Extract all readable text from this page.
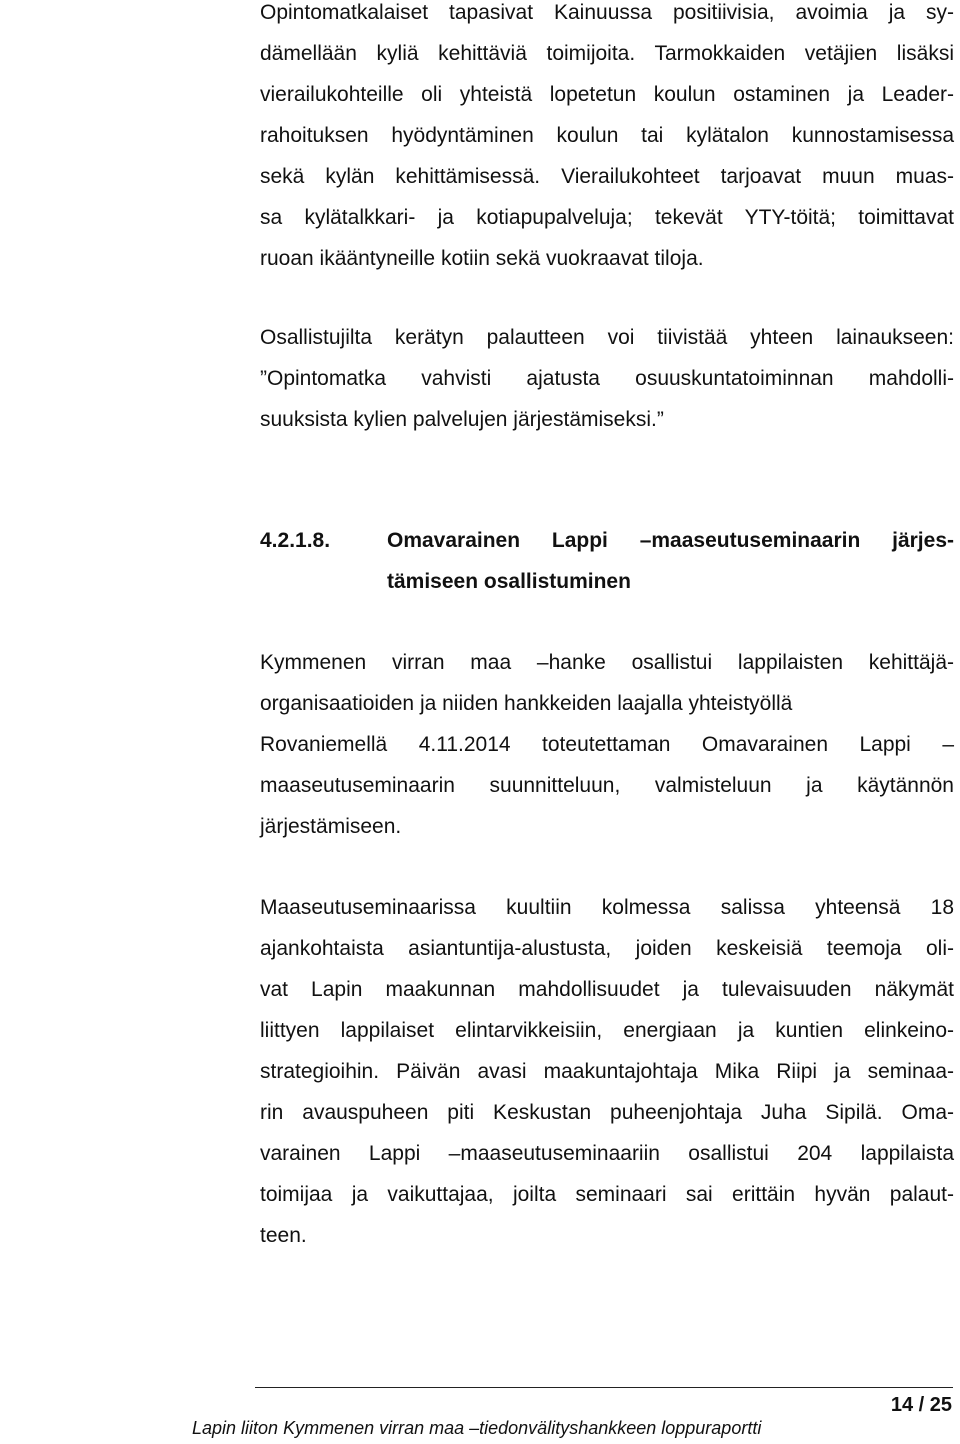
Opintomatkalaiset tapasivat Kainuussa positiivisia, avoimia ja sy-
dämellään kyliä kehittäviä toimijoita. Tarmokkaiden vetäjien lisäksi
vierailukohteille oli yhteistä lopetetun koulun ostaminen ja Leader-
rahoituksen hyödyntäminen koulun tai kylätalon kunnostamisessa
sekä kylän kehittämisessä. Vierailukohteet tarjoavat muun muas-
sa kylätalkkari- ja kotiapupalveluja; tekevät YTY-töitä; toimittavat
ruoan ikääntyneille kotiin sekä vuokraavat tiloja.

Osallistujilta kerätyn palautteen voi tiivistää yhteen lainaukseen:
”Opintomatka vahvisti ajatusta osuuskuntatoiminnan mahdolli-
suuksista kylien palvelujen järjestämiseksi.”

4.2.1.8.	Omavarainen Lappi –maaseutuseminaarin järjes-
tämiseen osallistuminen

Kymmenen virran maa –hanke osallistui lappilaisten kehittäjä-
organisaatioiden ja niiden hankkeiden laajalla yhteistyöllä
Rovaniemellä 4.11.2014 toteutettaman Omavarainen Lappi –
maaseutuseminaarin suunnitteluun, valmisteluun ja käytännön
järjestämiseen.

Maaseutuseminaarissa kuultiin kolmessa salissa yhteensä 18
ajankohtaista asiantuntija-alustusta, joiden keskeisiä teemoja oli-
vat Lapin maakunnan mahdollisuudet ja tulevaisuuden näkymät
liittyen lappilaiset elintarvikkeisiin, energiaan ja kuntien elinkeino-
strategioihin. Päivän avasi maakuntajohtaja Mika Riipi ja seminaa-
rin avauspuheen piti Keskustan puheenjohtaja Juha Sipilä. Oma-
varainen Lappi –maaseutuseminaariin osallistui 204 lappilaista
toimijaa ja vaikuttajaa, joilta seminaari sai erittäin hyvän palaut-
teen.

14 / 25
Lapin liiton Kymmenen virran maa –tiedonvälityshankkeen loppuraportti
